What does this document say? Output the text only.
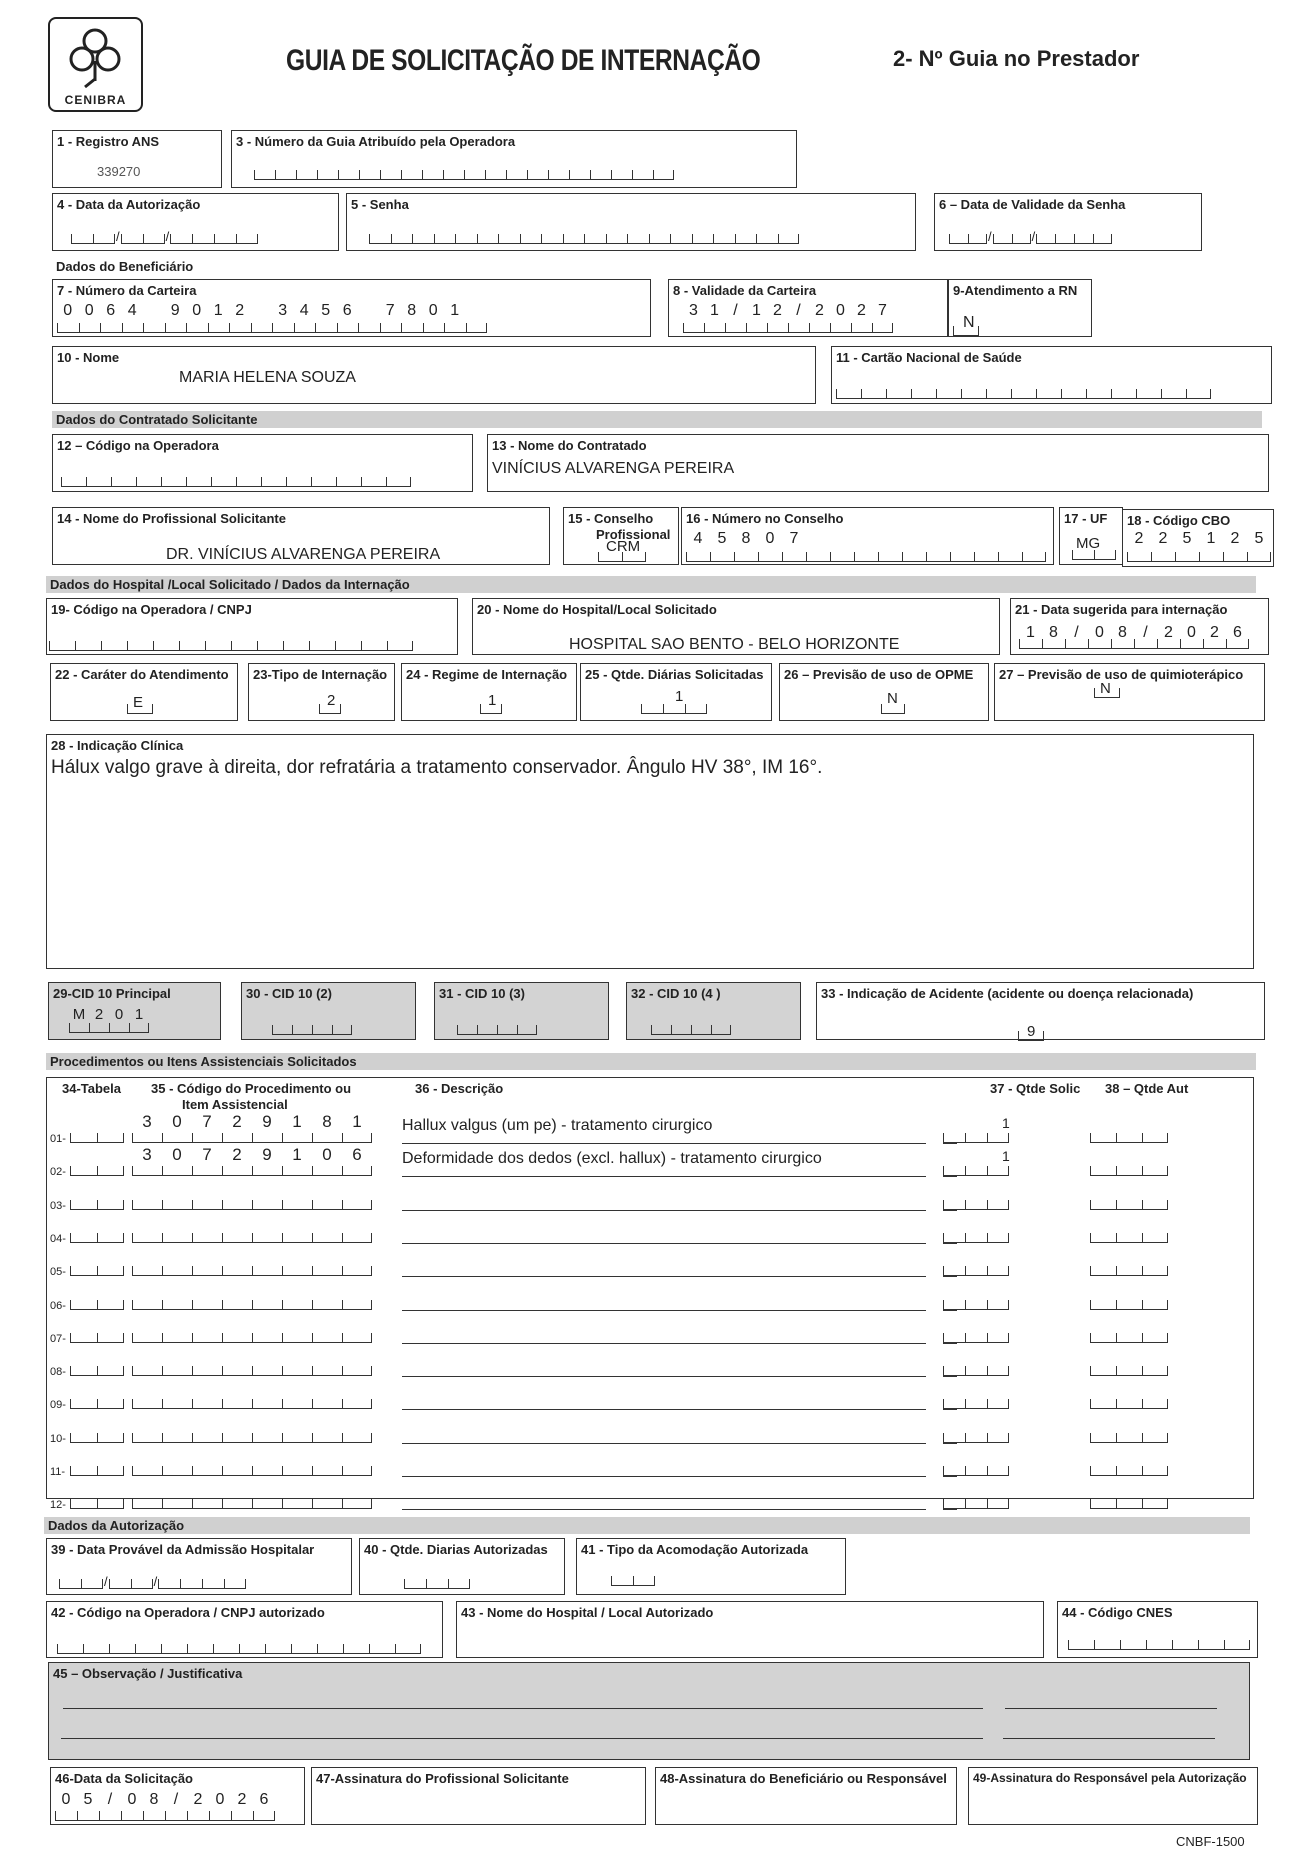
CENIBRA
GUIA DE SOLICITAÇÃO DE INTERNAÇÃO	2- Nº Guia no Prestador
1 - Registro ANS
339270
3 - Número da Guia Atribuído pela Operadora
4 - Data da Autorização
/	/
5 - Senha	6 – Data de Validade da Senha
/	/
Dados do Beneficiário
7 - Número da Carteira
0 0 6 4 9 0 1 2 3 4 5 6 7 8 0 1
8 - Validade da Carteira
3 1 / 1 2 / 2 0 2 7
9-Atendimento a RN
N
10 - Nome
MARIA HELENA SOUZA
11 - Cartão Nacional de Saúde
Dados do Contratado Solicitante
12 – Código na Operadora	13 - Nome do Contratado
VINÍCIUS ALVARENGA PEREIRA
14 - Nome do Profissional Solicitante
DR. VINÍCIUS ALVARENGA PEREIRA
15 - Conselho
Profissional
CRM
16 - Número no Conselho
4 5 8 0 7
17 - UF
MG
18 - Código CBO
2 2 5 1 2 5
Dados do Hospital /Local Solicitado / Dados da Internação
19- Código na Operadora / CNPJ	20 - Nome do Hospital/Local Solicitado
HOSPITAL SAO BENTO - BELO HORIZONTE
21 - Data sugerida para internação
1 8 / 0 8 / 2 0 2 6
22 - Caráter do Atendimento
E
23-Tipo de Internação
2
24 - Regime de Internação
1
25 - Qtde. Diárias Solicitadas
1
26 – Previsão de uso de OPME
N
27 – Previsão de uso de quimioterápico
N
28 - Indicação Clínica
Hálux valgo grave à direita, dor refratária a tratamento conservador. Ângulo HV 38°, IM 16°.
29-CID 10 Principal
M 2 0 1
30 - CID 10 (2)	31 - CID 10 (3)	32 - CID 10 (4 )	33 - Indicação de Acidente (acidente ou doença relacionada)
9
Procedimentos ou Itens Assistenciais Solicitados
34-Tabela 35 - Código do Procedimento ou
Item Assistencial
36 - Descrição	37 - Qtde Solic 38 – Qtde Aut
01-
3 0 7 2 9 1 8 1	Hallux valgus (um pe) - tratamento cirurgico	1
02-
3 0 7 2 9 1 0 6	Deformidade dos dedos (excl. hallux) - tratamento cirurgico	1
03-
04-
05-
06-
07-
08-
09-
10-
11-
12-
Dados da Autorização
39 - Data Provável da Admissão Hospitalar
/	/
40 - Qtde. Diarias Autorizadas	41 - Tipo da Acomodação Autorizada
42 - Código na Operadora / CNPJ autorizado	43 - Nome do Hospital / Local Autorizado	44 - Código CNES
45 – Observação / Justificativa
46-Data da Solicitação
0 5 / 0 8 / 2 0 2 6
47-Assinatura do Profissional Solicitante	48-Assinatura do Beneficiário ou Responsável 49-Assinatura do Responsável pela Autorização
CNBF-1500
